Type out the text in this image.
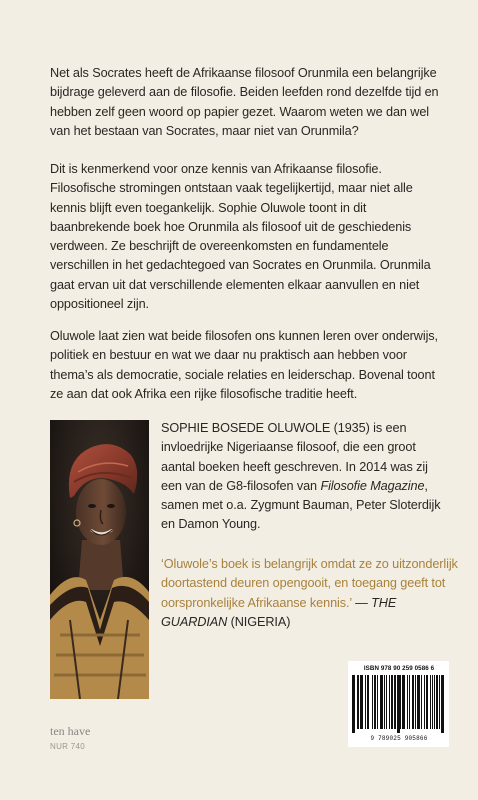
Net als Socrates heeft de Afrikaanse filosoof Orunmila een belangrijke bijdrage geleverd aan de filosofie. Beiden leefden rond dezelfde tijd en hebben zelf geen woord op papier gezet. Waarom weten we dan wel van het bestaan van Socrates, maar niet van Orunmila?

Dit is kenmerkend voor onze kennis van Afrikaanse filosofie. Filosofische stromingen ontstaan vaak tegelijkertijd, maar niet alle kennis blijft even toegankelijk. Sophie Oluwole toont in dit baanbrekende boek hoe Orunmila als filosoof uit de geschiedenis verdween. Ze beschrijft de overeenkomsten en fundamentele verschillen in het gedachtegoed van Socrates en Orunmila. Orunmila gaat ervan uit dat verschillende elementen elkaar aanvullen en niet oppositioneel zijn.

Oluwole laat zien wat beide filosofen ons kunnen leren over onderwijs, politiek en bestuur en wat we daar nu praktisch aan hebben voor thema’s als democratie, sociale relaties en leiderschap. Bovenal toont ze aan dat ook Afrika een rijke filosofische traditie heeft.

SOPHIE BOSEDE OLUWOLE (1935) is een invloedrijke Nigeriaanse filosoof, die een groot aantal boeken heeft geschreven. In 2014 was zij een van de G8-filosofen van Filosofie Magazine, samen met o.a. Zygmunt Bauman, Peter Sloterdijk en Damon Young.

‘Oluwole’s boek is belangrijk omdat ze zo uitzonderlijk doortastend deuren opengooit, en toegang geeft tot oorspronkelijke Afrikaanse kennis.’ — THE GUARDIAN (NIGERIA)

ISBN 978 90 259 0586 6
9 789025 905866
ten have
NUR 740
